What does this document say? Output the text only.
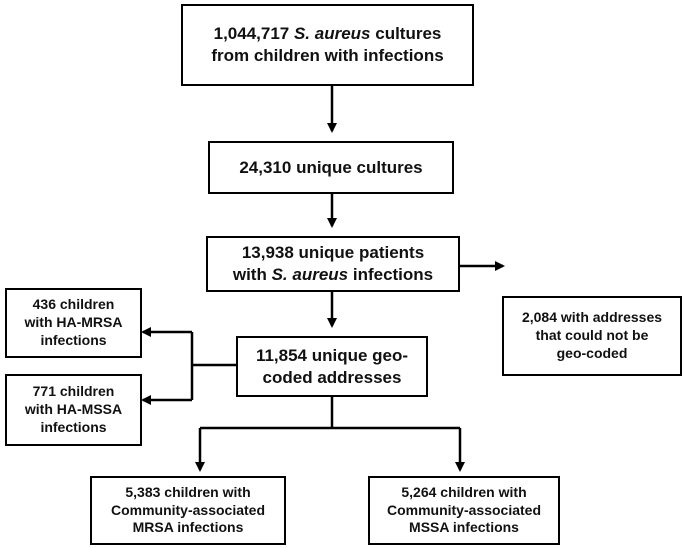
1,044,717 S. aureus cultures
from children with infections
24,310 unique cultures
13,938 unique patients
with S. aureus infections
2,084 with addresses
that could not be
geo-coded
11,854 unique geo-
coded addresses
436 children
with HA-MRSA
infections
771 children
with HA-MSSA
infections
5,383 children with
Community-associated
MRSA infections
5,264 children with
Community-associated
MSSA infections
